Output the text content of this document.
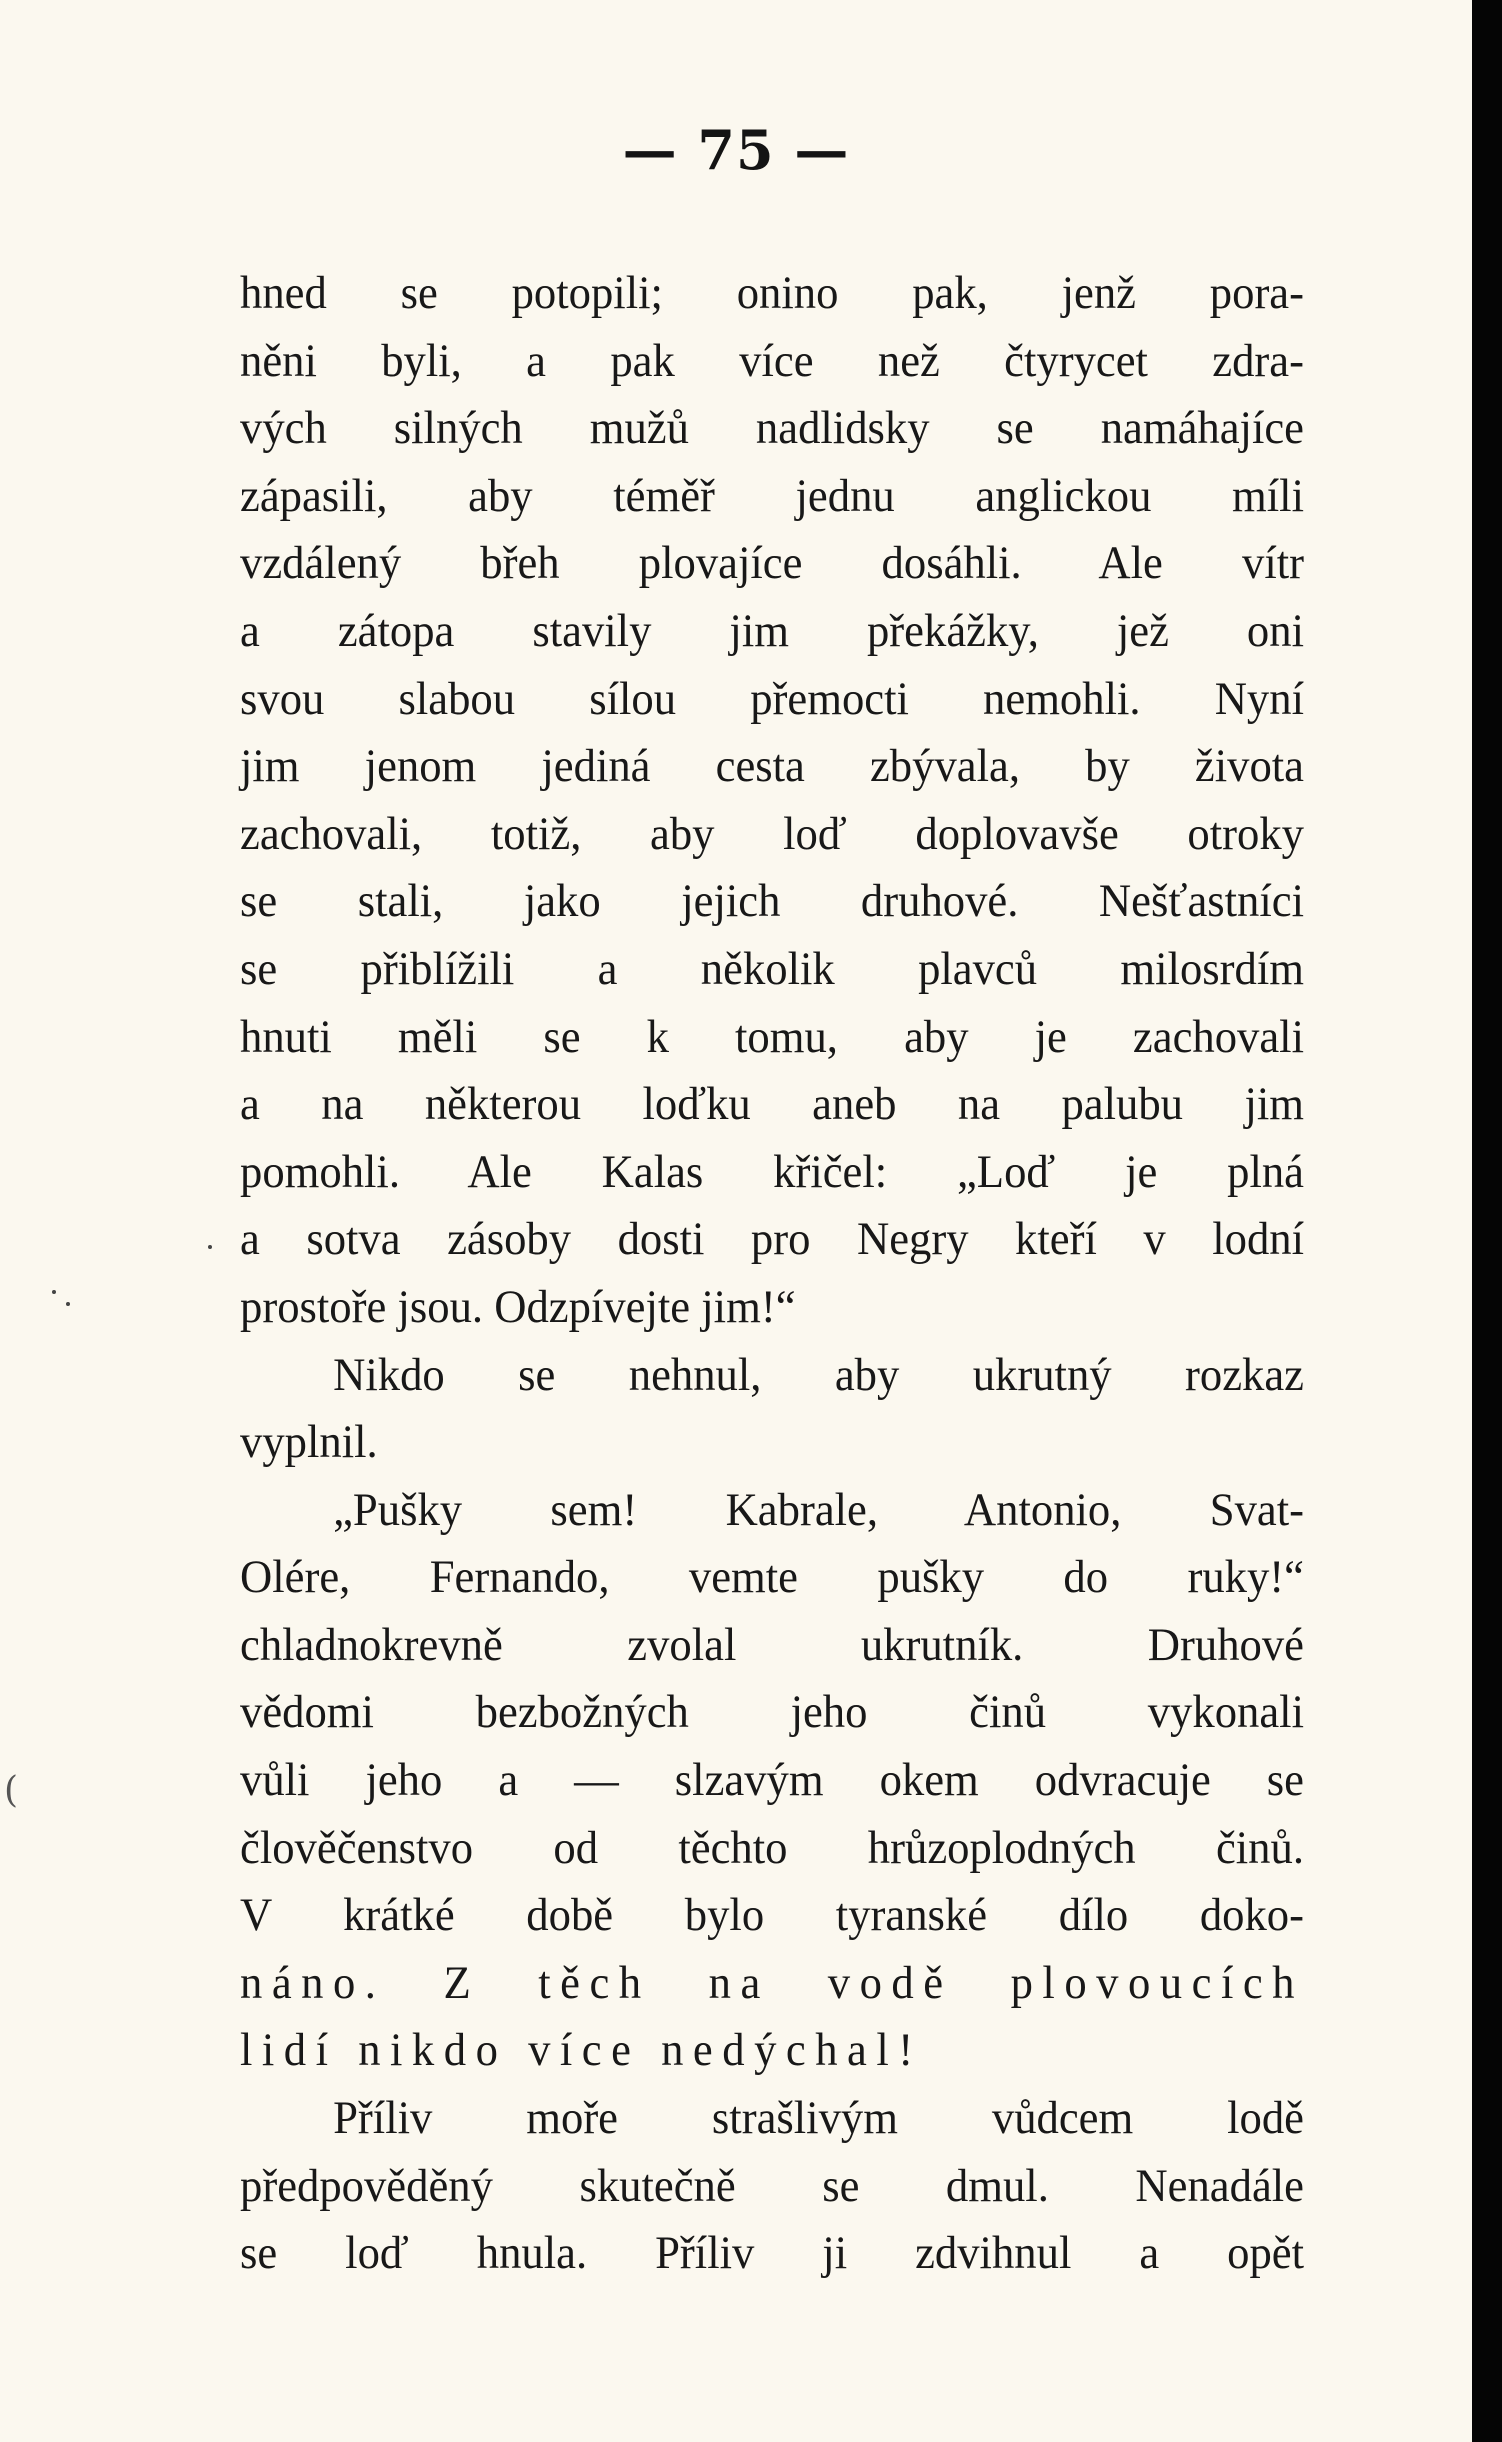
— 75 —
hned se potopili; onino pak, jenž pora-
něni byli, a pak více než čtyrycet zdra-
vých silných mužů nadlidsky se namáhajíce
zápasili, aby téměř jednu anglickou míli
vzdálený břeh plovajíce dosáhli. Ale vítr
a zátopa stavily jim překážky, jež oni
svou slabou sílou přemocti nemohli. Nyní
jim jenom jediná cesta zbývala, by života
zachovali, totiž, aby loď doplovavše otroky
se stali, jako jejich druhové. Nešťastníci
se přiblížili a několik plavců milosrdím
hnuti měli se k tomu, aby je zachovali
a na některou loďku aneb na palubu jim
pomohli. Ale Kalas křičel: „Loď je plná
a sotva zásoby dosti pro Negry kteří v lodní
prostoře jsou. Odzpívejte jim!“
Nikdo se nehnul, aby ukrutný rozkaz
vyplnil.
„Pušky sem! Kabrale, Antonio, Svat-
Olére, Fernando, vemte pušky do ruky!“
chladnokrevně zvolal ukrutník. Druhové
vědomi bezbožných jeho činů vykonali
vůli jeho a — slzavým okem odvracuje se
člověčenstvo od těchto hrůzoplodných činů.
V krátké době bylo tyranské dílo doko-
náno. Z těch na vodě plovoucích
lidí nikdo více nedýchal!
Příliv moře strašlivým vůdcem lodě
předpověděný skutečně se dmul. Nenadále
se loď hnula. Příliv ji zdvihnul a opět
(
